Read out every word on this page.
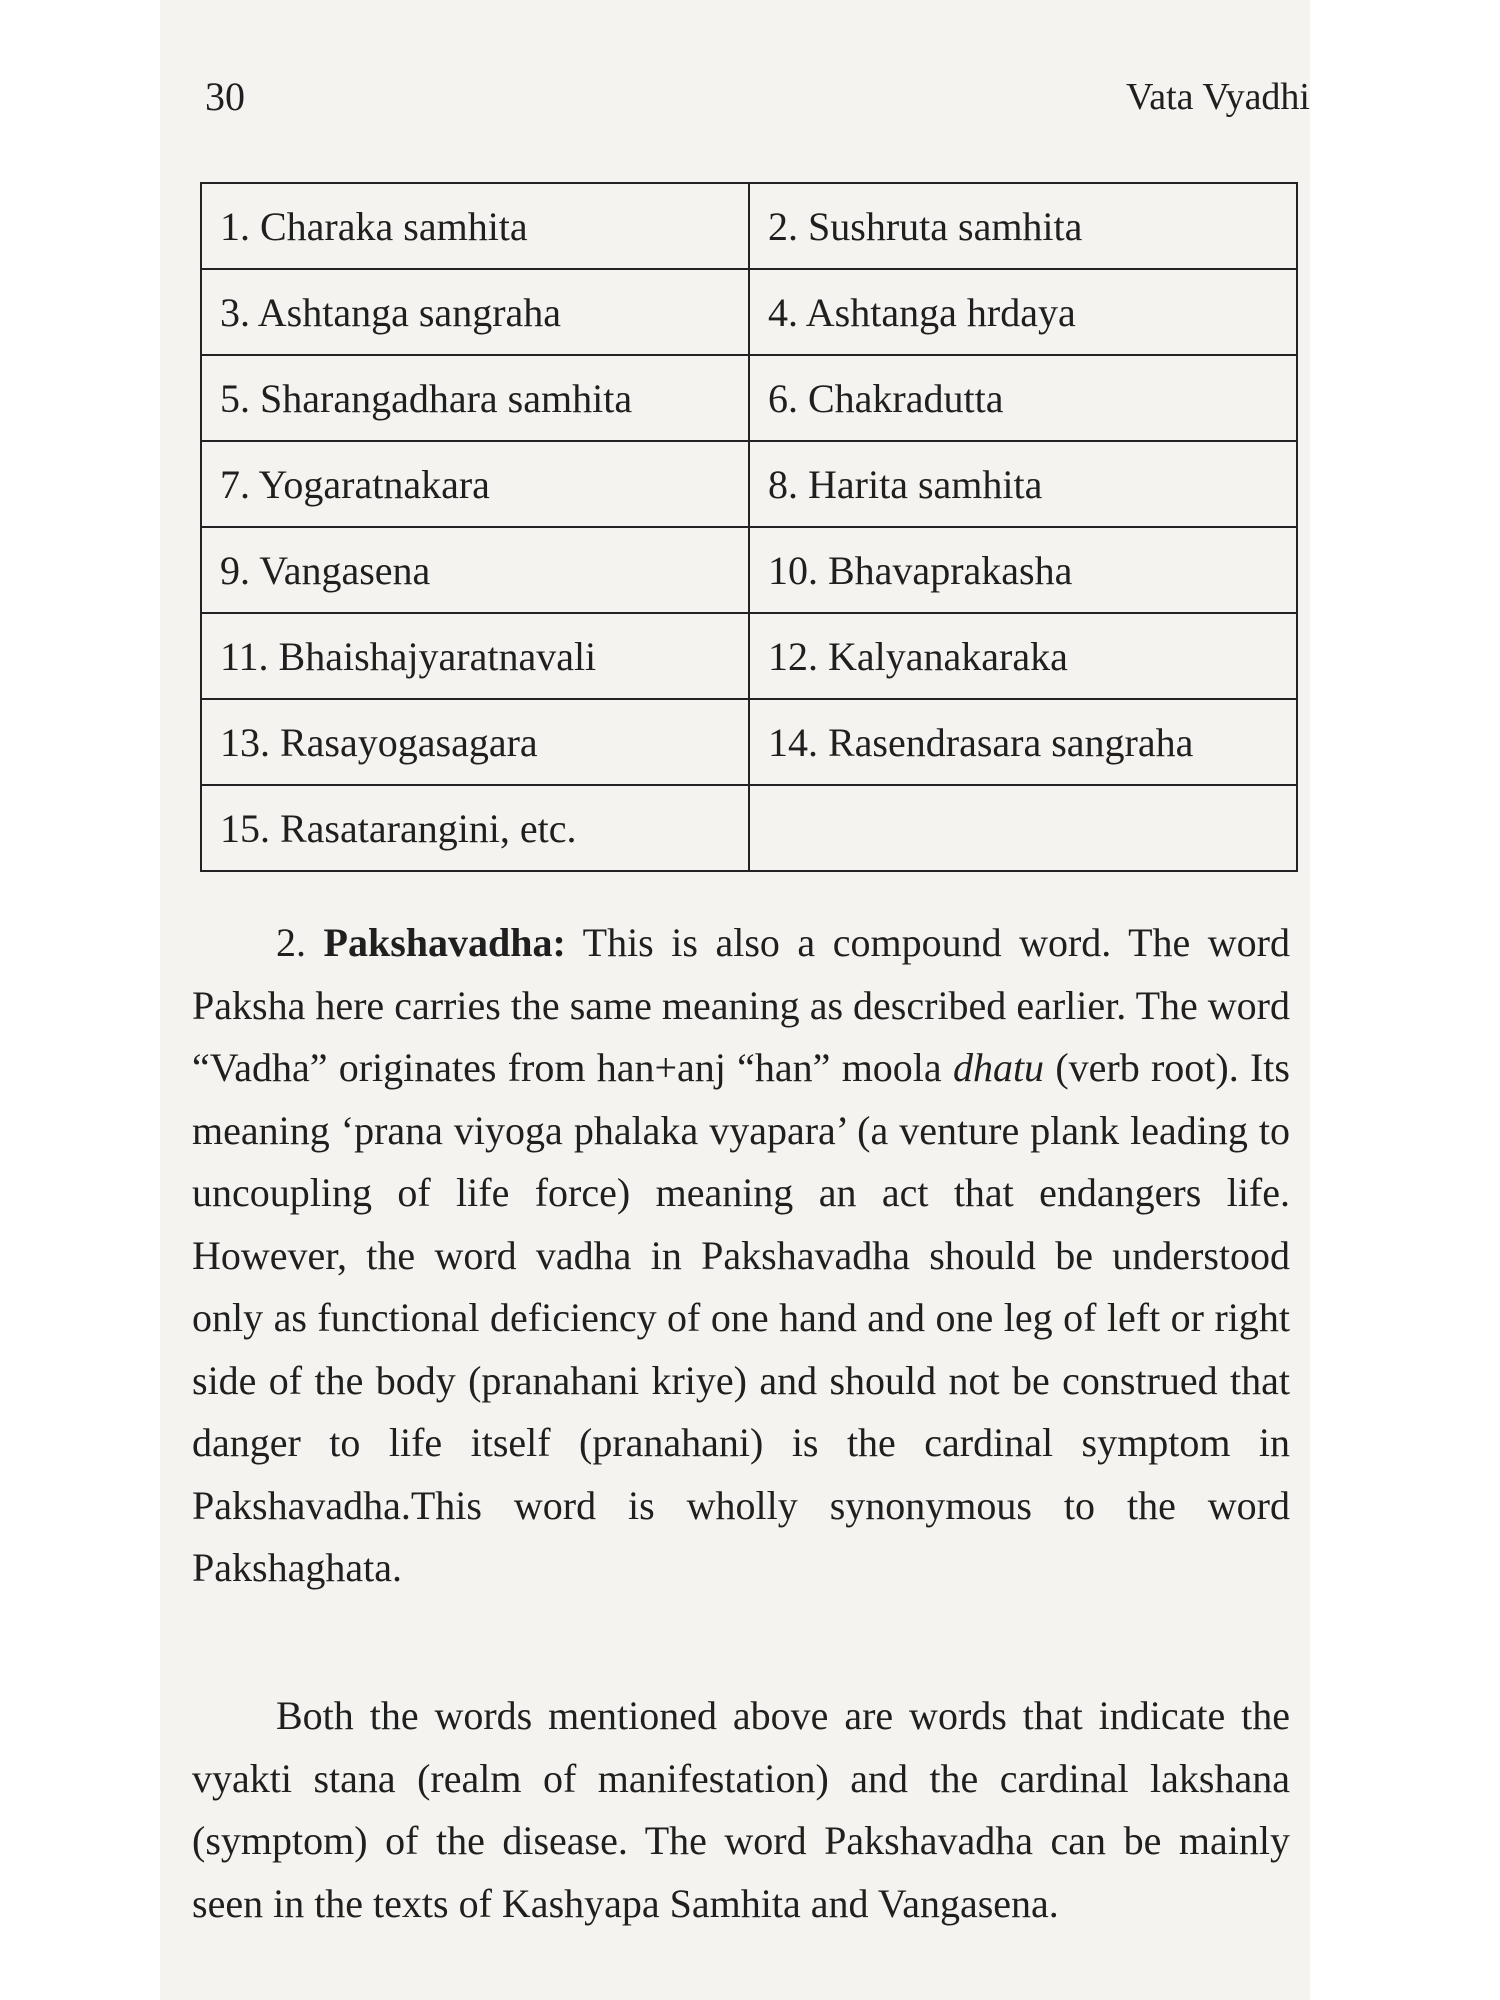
30	Vata Vyadhi
1. Charaka samhita	2. Sushruta samhita
3. Ashtanga sangraha	4. Ashtanga hrdaya
5. Sharangadhara samhita	6. Chakradutta
7. Yogaratnakara	8. Harita samhita
9. Vangasena	10. Bhavaprakasha
11. Bhaishajyaratnavali	12. Kalyanakaraka
13. Rasayogasagara	14. Rasendrasara sangraha
15. Rasatarangini, etc.	

2. Pakshavadha: This is also a compound word. The word Paksha here carries the same meaning as described earlier. The word “Vadha” originates from han+anj “han” moola dhatu (verb root). Its meaning ‘prana viyoga phalaka vyapara’ (a venture plank leading to uncoupling of life force) meaning an act that endangers life. However, the word vadha in Pakshavadha should be understood only as functional deficiency of one hand and one leg of left or right side of the body (pranahani kriye) and should not be construed that danger to life itself (pranahani) is the cardinal symptom in Pakshavadha.This word is wholly synonymous to the word Pakshaghata.

Both the words mentioned above are words that indicate the vyakti stana (realm of manifestation) and the cardinal lakshana (symptom) of the disease. The word Pakshavadha can be mainly seen in the texts of Kashyapa Samhita and Vangasena.
